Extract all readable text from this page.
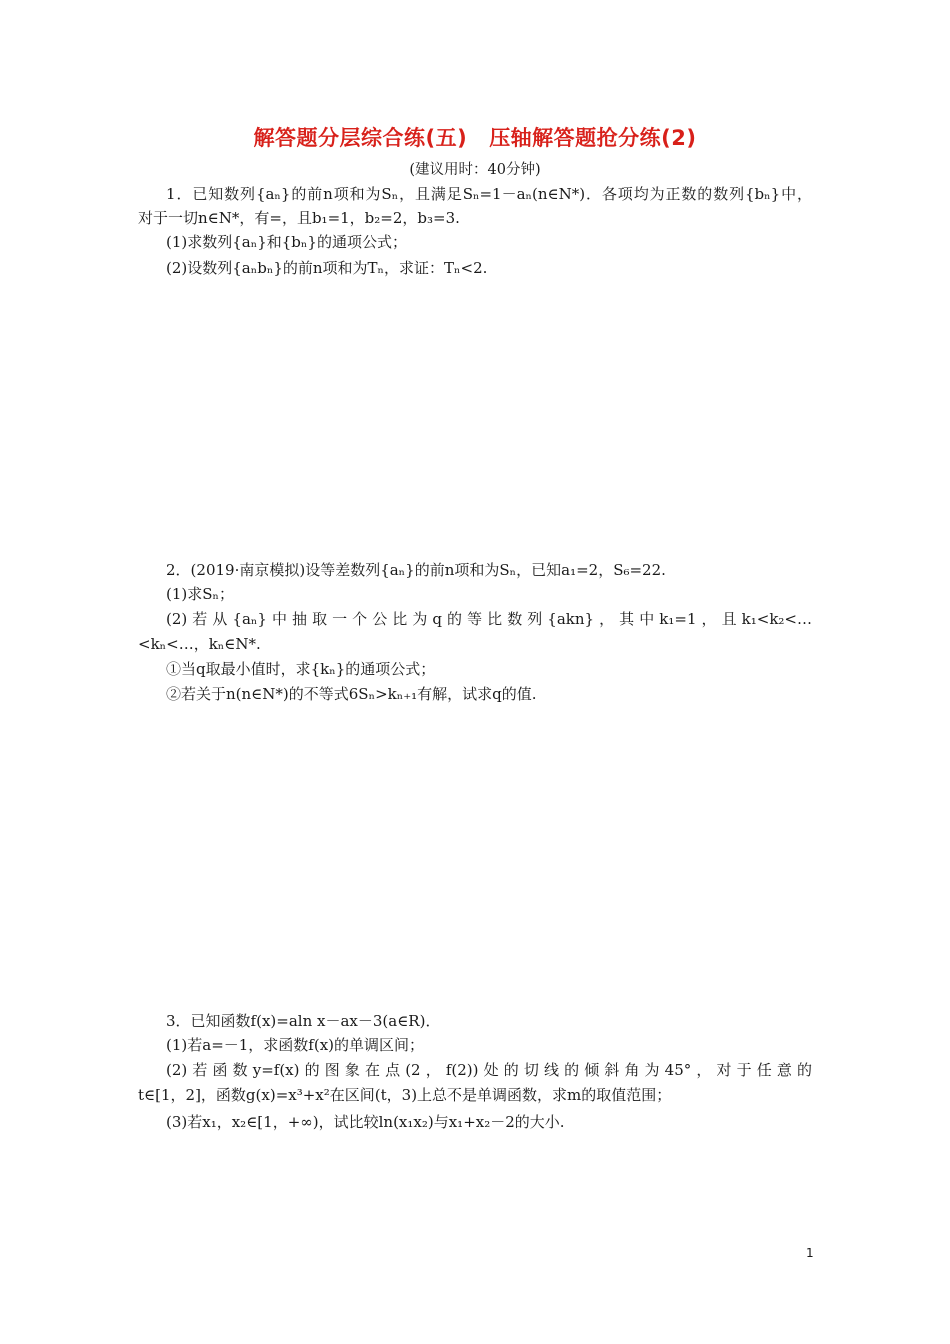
解答题分层综合练(五) 压轴解答题抢分练(2)
(建议用时：40分钟)
1．已知数列{aₙ}的前n项和为Sₙ，且满足Sₙ=1－aₙ(n∈N*)．各项均为正数的数列{bₙ}中，
对于一切n∈N*，有=，且b₁=1，b₂=2，b₃=3.
(1)求数列{aₙ}和{bₙ}的通项公式；
(2)设数列{aₙbₙ}的前n项和为Tₙ，求证：Tₙ<2.
2．(2019·南京模拟)设等差数列{aₙ}的前n项和为Sₙ，已知a₁=2，S₆=22.
(1)求Sₙ；
(2)若从{aₙ}中抽取一个公比为q的等比数列{akn}，其中k₁=1，且k₁<k₂<…
<kₙ<…，kₙ∈N*.
①当q取最小值时，求{kₙ}的通项公式；
②若关于n(n∈N*)的不等式6Sₙ>kₙ₊₁有解，试求q的值.
3．已知函数f(x)=aln x－ax－3(a∈R)．
(1)若a=－1，求函数f(x)的单调区间；
(2)若函数y=f(x)的图象在点(2，f(2))处的切线的倾斜角为45°，对于任意的
t∈[1，2]，函数g(x)=x³+x²在区间(t，3)上总不是单调函数，求m的取值范围；
(3)若x₁，x₂∈[1，+∞)，试比较ln(x₁x₂)与x₁+x₂－2的大小.
1
